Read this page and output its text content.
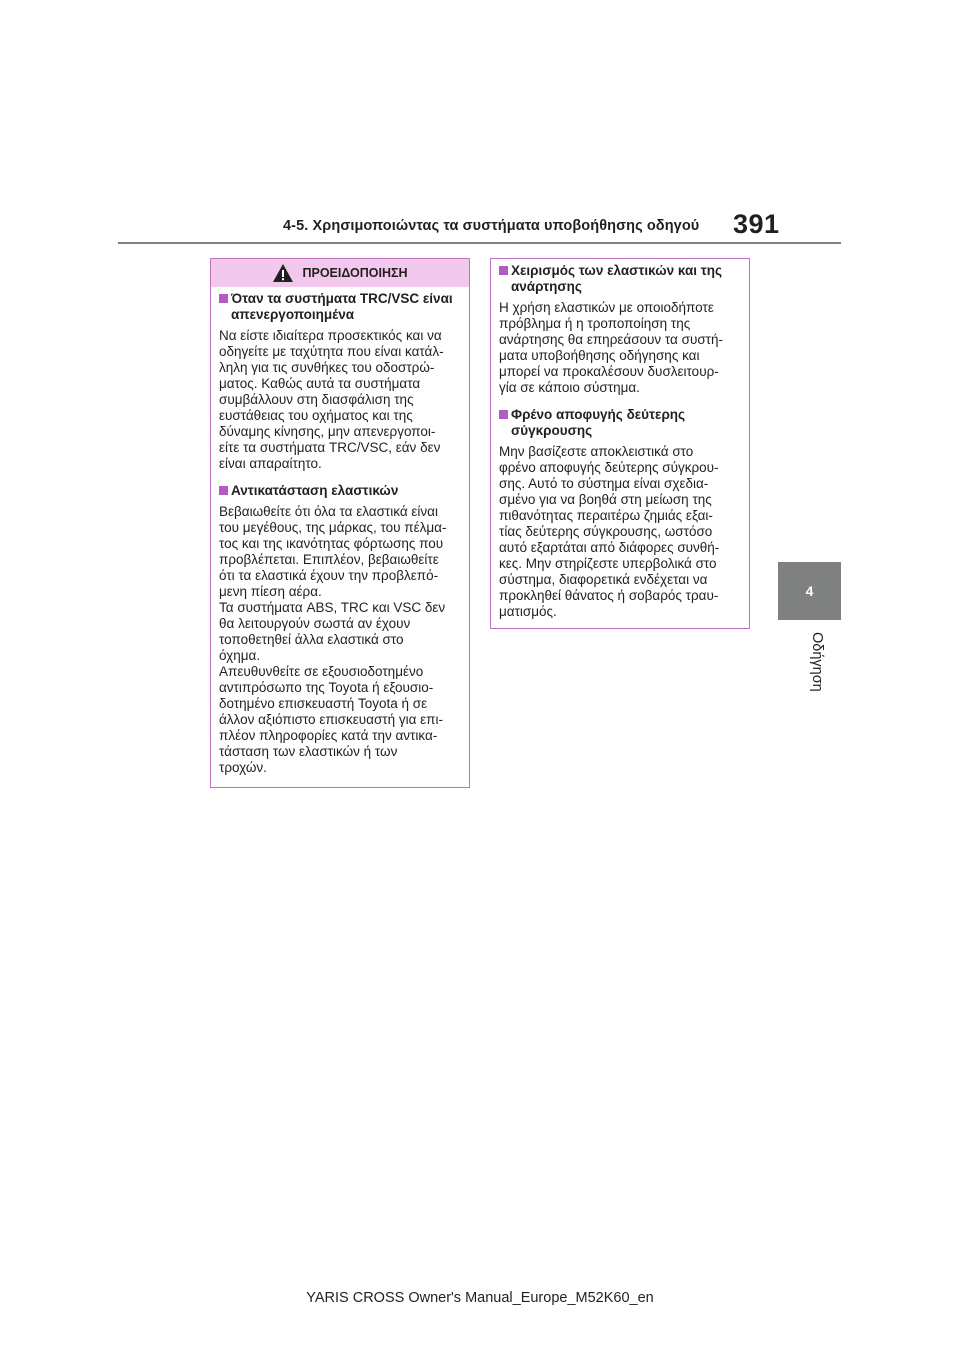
4-5. Χρησιμοποιώντας τα συστήματα υποβοήθησης οδηγού 391
4
Οδήγηση
ΠΡΟΕΙΔΟΠΟΙΗΣΗ
Όταν τα συστήματα TRC/VSC είναι απενεργοποιημένα
Να είστε ιδιαίτερα προσεκτικός και να
οδηγείτε με ταχύτητα που είναι κατάλ-
ληλη για τις συνθήκες του οδοστρώ-
ματος. Καθώς αυτά τα συστήματα
συμβάλλουν στη διασφάλιση της
ευστάθειας του οχήματος και της
δύναμης κίνησης, μην απενεργοποι-
είτε τα συστήματα TRC/VSC, εάν δεν
είναι απαραίτητο.
Αντικατάσταση ελαστικών
Βεβαιωθείτε ότι όλα τα ελαστικά είναι
του μεγέθους, της μάρκας, του πέλμα-
τος και της ικανότητας φόρτωσης που
προβλέπεται. Επιπλέον, βεβαιωθείτε
ότι τα ελαστικά έχουν την προβλεπό-
μενη πίεση αέρα.
Τα συστήματα ABS, TRC και VSC δεν
θα λειτουργούν σωστά αν έχουν
τοποθετηθεί άλλα ελαστικά στο
όχημα.
Απευθυνθείτε σε εξουσιοδοτημένο
αντιπρόσωπο της Toyota ή εξουσιο-
δοτημένο επισκευαστή Toyota ή σε
άλλον αξιόπιστο επισκευαστή για επι-
πλέον πληροφορίες κατά την αντικα-
τάσταση των ελαστικών ή των
τροχών.
Χειρισμός των ελαστικών και της ανάρτησης
Η χρήση ελαστικών με οποιοδήποτε
πρόβλημα ή η τροποποίηση της
ανάρτησης θα επηρεάσουν τα συστή-
ματα υποβοήθησης οδήγησης και
μπορεί να προκαλέσουν δυσλειτουρ-
γία σε κάποιο σύστημα.
Φρένο αποφυγής δεύτερης σύγκρουσης
Μην βασίζεστε αποκλειστικά στο
φρένο αποφυγής δεύτερης σύγκρου-
σης. Αυτό το σύστημα είναι σχεδια-
σμένο για να βοηθά στη μείωση της
πιθανότητας περαιτέρω ζημιάς εξαι-
τίας δεύτερης σύγκρουσης, ωστόσο
αυτό εξαρτάται από διάφορες συνθή-
κες. Μην στηρίζεστε υπερβολικά στο
σύστημα, διαφορετικά ενδέχεται να
προκληθεί θάνατος ή σοβαρός τραυ-
ματισμός.
YARIS CROSS Owner's Manual_Europe_M52K60_en
